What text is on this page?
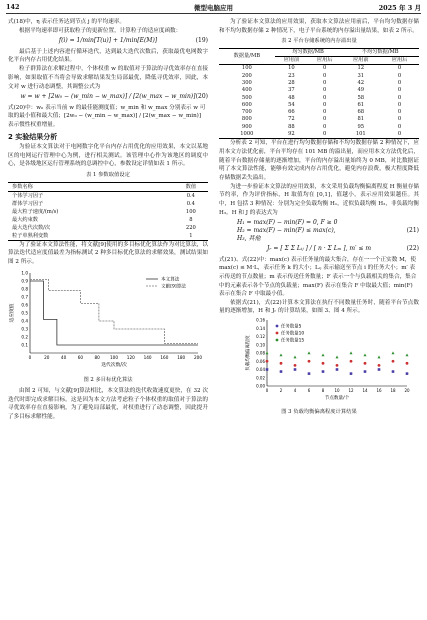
142	微型电脑应用	2025 年 3 月

式(18)中，η 表示任务达到节点 j 的平均速率。

根据平均速率即可获取粒子的更新位置，计算粒子的适应度函数：

f(i) = 1/min[T(u)] + 1/min[E(M)]	(19)

最后基于上述内容进行循环迭代，达到最大迭代次数后，获取最优电网数字化平台内存占用优化结果。

粒子群算法在求解过程中，个体权重 w 的取值对于算法的寻优效率存在直接影响，如果取值不当将会导致求解结果发生局部最优，降低寻优效率，因此，本文对 w 进行动态调整，其调整公式为

w = w + [2w₀ − (w_min − w_max)] / [2(w_max − w_min)] (20)

式(20)中：w₀ 表示当前 w 的最佳能测度值；w_min 和 w_max 分别表示 w 可取的最小值和最大值；[2w₀ − (w_min − w_max)] / [2(w_max − w_min)] 表示惯性权重增量。

2 实验结果分析

为验证本文算法对于电网数字化平台内存占用优化的应用效果，本文以某地区的电网运行管理中心为例，进行相关测试。该管理中心作为该地区的调度中心，是各级地区运行管理系统的总调控中心，参数设定详情如表 1 所示。

表 1 参数取值设定
参数名称	数值
个体学习因子	0.4
群体学习因子	0.4
最大粒子速度/(m/s)	100
最大约束数	8
最大迭代次数/次	220
粒子单熟利变数	1

为了验证本文算法性能，将文献[9]使用的多目标优化算法作为对比算法，以算法迭代适应度值最差为指标测试 2 种多目标优化算法的求解效果，测试结果如图 2 所示。

0.1
0.2
0.3
0.4
0.5
0.6
0.7
0.8
0.9
1.0
0	20	40	60	80 100 120 140 160 180 200
迭代次数/次
适应度值
本文算法
文献[9]算法
图 2 多目标优化算法

由图 2 可知，与文献[9]算法相比，本文算法的迭代收敛速度更快，在 32 次迭代时即完成求解目标。这是因为本文方法考虑粒子个体权重的取值对于算法的寻优效率存在直接影响，为了避免局部最优，对权重进行了动态调整，因此提升了多目标求解性能。

为了验证本文算法的应用效果，获取本文算法应用前后，平台均匀数据存储和不均匀数据存储 2 种情况下，电子平台系统的内存溢出量结果，如表 2 所示。

表 2 平台存储系统的内存溢出量
数据量/MB	均匀数据/MB		不均匀数据/MB	
	应用前	应用后	应用前	应用后
100	10	0	12	0
200	23	0	31	0
300	28	0	42	0
400	37	0	49	0
500	48	0	58	0
600	54	0	61	0
700	66	0	68	0
800	72	0	81	0
900	88	0	95	0
1000	92	0	101	0

分析表 2 可知，平台在进行均匀数据存储和不均匀数据存储 2 种情况下，应用本文方法优化前，平台平均存在 101 MB 的溢出量，而应用本文方法优化后，随着平台数据存储量的逐渐增加，平台的内存溢出量始终为 0 MB，对比数据证明了本文算法性能，能够有效完成内存占用优化，避免内存浪费，极大程度降低存储数据丢失溢出。

为进一步验证本文算法的应用效果，本文采用负载均衡偏离程度 H 衡量存储节约率，作为评价指标，H 取值均在 [0,1]，值越小，表示应用效果越佳。其中，H 包括 3 种情况：分别为完全负载均衡 H₁，近似负载均衡 H₂，非负载均衡 H₃。H 和 J 的表达式为

H₁ = max(F) − min(F) = 0, F ≥ 0
H₂ = max(F) − min(F) ≤ max(c),
H₃, 其他
(21)
Jᵣ = [ Σ Σ Lᵢⱼ ] / [ n · Σ Lₘ ], m′ ≤ m	(22)

式(21)、式(22)中：max(c) 表示任务量的最大集合，存在一一个正实数 M，使 max(c) ≤ M·L，表示任务 k 的大小；Lᵢⱼ 表示输送至节点 i 的任务大小；m′ 表示传送的节点数量；m 表示传送任务数量；F 表示一个与负载相关的集合，集合中的元素表示各个节点的负载量；max(F) 表示在集合 F 中取最大值；min(F) 表示在集合 F 中取最小值。

依据式(21)，式(22)计算本文算法在执行不同数量任务时，随着平台节点数量的逐渐增加，H 和 Jᵣ 的计算结果，如图 3、图 4 所示。

0.00
0.02
0.04
0.06
0.08
0.10
0.12
0.14
0.16
0	2	4	6	8	10 12 14 16 18 20
节点数量/个
负载均衡偏离程度
任务数量5
任务数量10
任务数量15
图 3 负载均衡偏离程度计算结果
